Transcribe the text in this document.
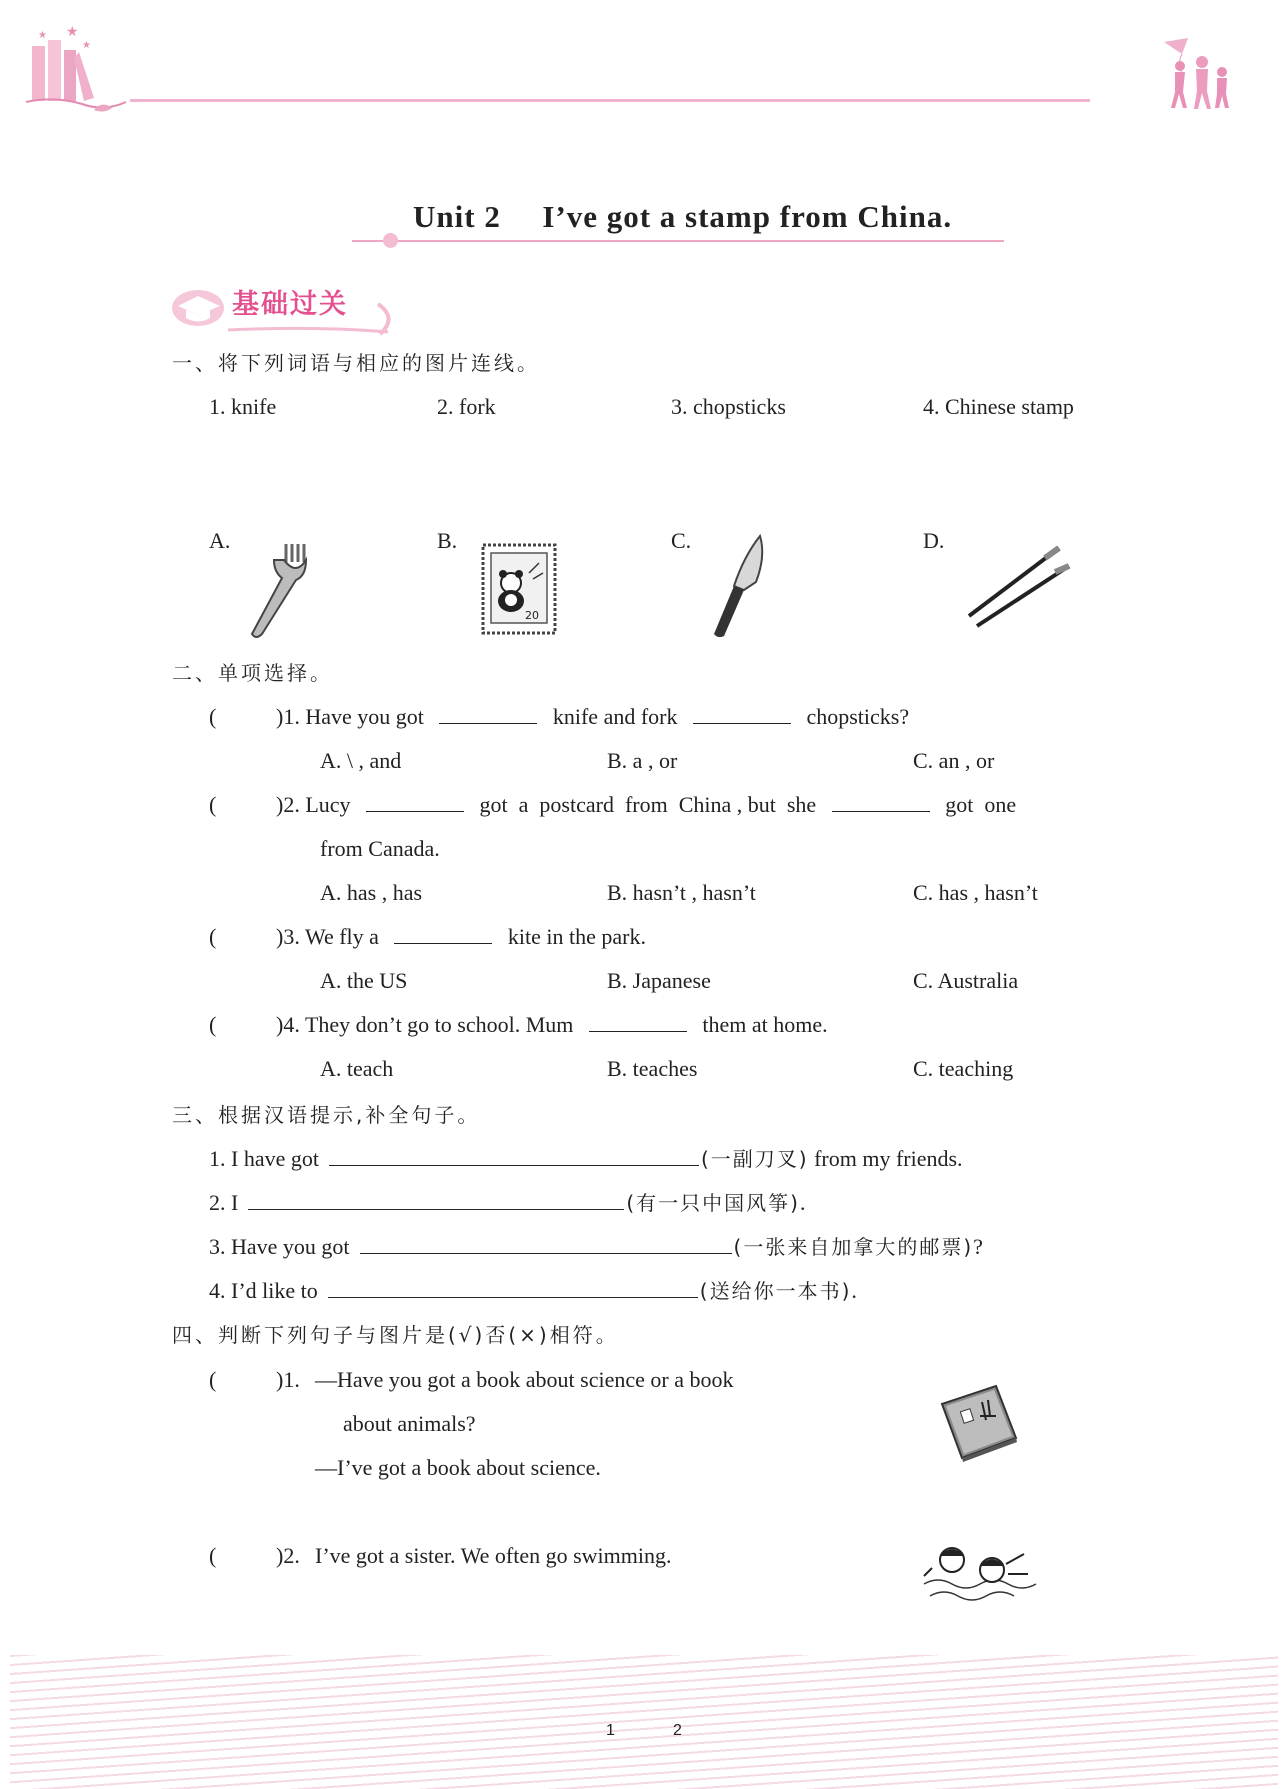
★
★
★
Unit 2 I’ve got a stamp from China.
基础过关
一、将下列词语与相应的图片连线。
1. knife	2. fork	3. chopsticks	4. Chinese stamp
A.	B.	C.	D.
20
二、单项选择。
(	)1. Have you got	knife and fork	chopsticks?
A. \ , and	B. a , or	C. an , or
(	)2. Lucy	got  a  postcard  from  China , but  she	got  one
from Canada.
A. has , has	B. hasn’t , hasn’t	C. has , hasn’t
(	)3. We fly a	kite in the park.
A. the US	B. Japanese	C. Australia
(	)4. They don’t go to school. Mum	them at home.
A. teach	B. teaches	C. teaching
三、根据汉语提示,补全句子。
1. I have got	(一副刀叉) from my friends.
2. I	(有一只中国风筝).
3. Have you got	(一张来自加拿大的邮票)?
4. I’d like to	(送给你一本书).
四、判断下列句子与图片是(√)否(×)相符。
(	)1. —Have you got a book about science or a book
about animals?
—I’ve got a book about science.
(	)2. I’ve got a sister. We often go swimming.
1	2
